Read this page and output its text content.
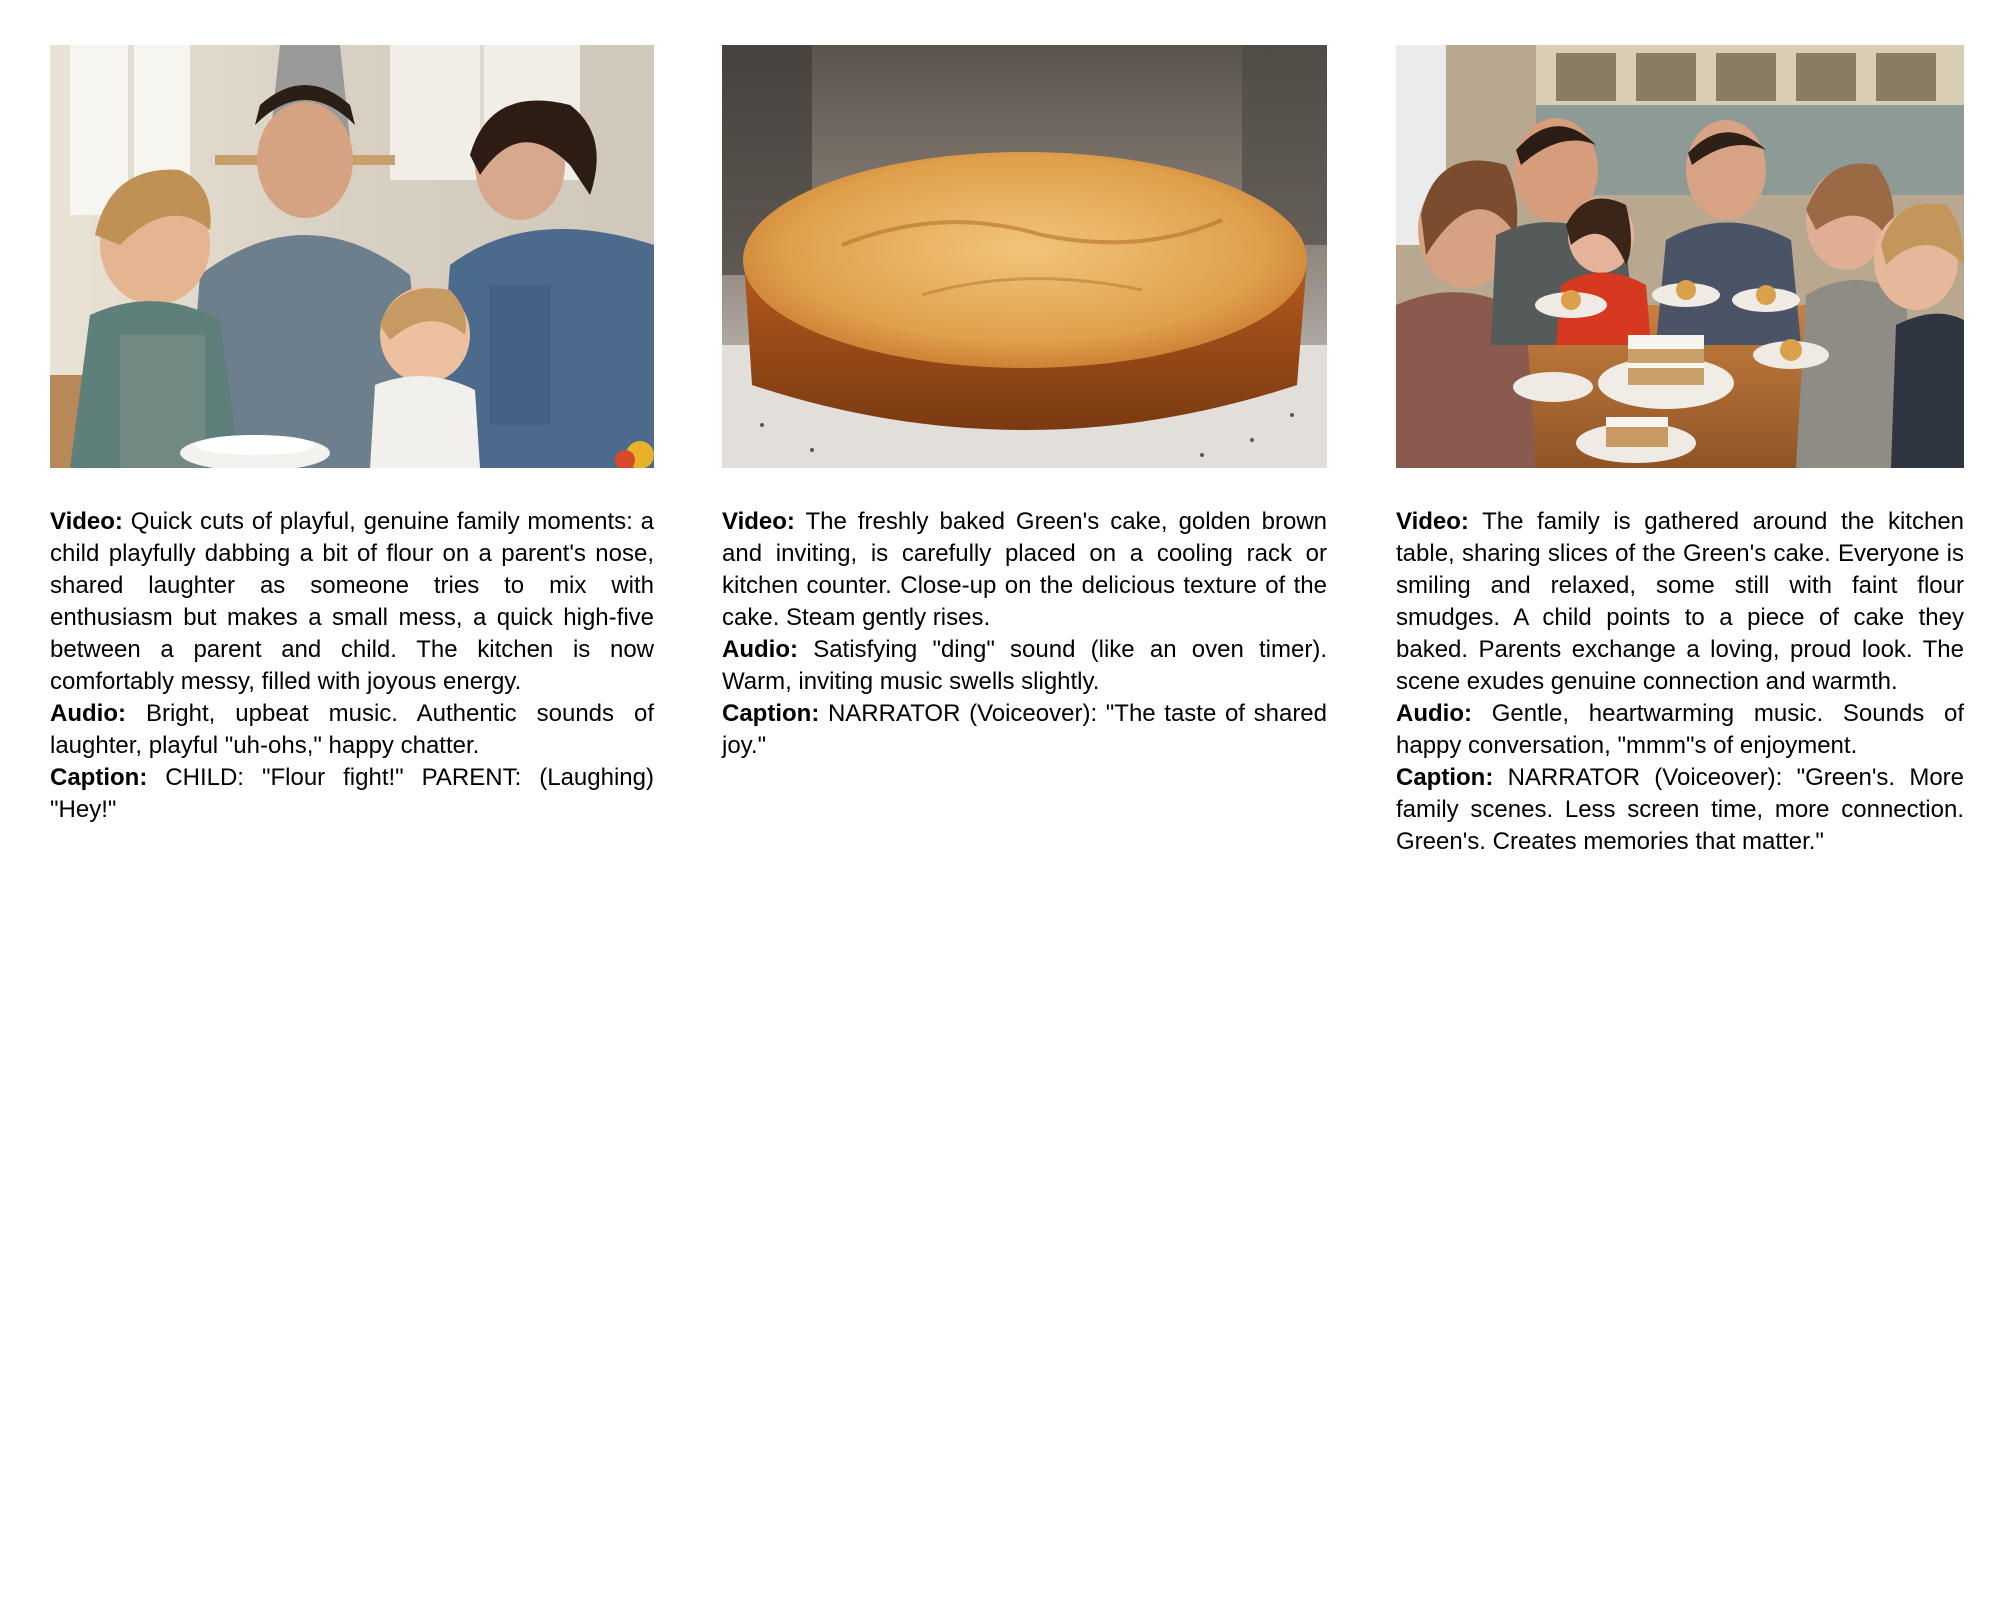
Video: Quick cuts of playful, genuine family moments: a child playfully dabbing a bit of flour on a parent's nose, shared laughter as someone tries to mix with enthusiasm but makes a small mess, a quick high-five between a parent and child. The kitchen is now comfortably messy, filled with joyous energy.

Audio: Bright, upbeat music. Authentic sounds of laughter, playful "uh-ohs," happy chatter.

Caption: CHILD: "Flour fight!" PARENT: (Laughing) "Hey!"

Video: The freshly baked Green's cake, golden brown and inviting, is carefully placed on a cooling rack or kitchen counter. Close-up on the delicious texture of the cake. Steam gently rises.

Audio: Satisfying "ding" sound (like an oven timer). Warm, inviting music swells slightly.

Caption: NARRATOR (Voiceover): "The taste of shared joy."

Video: The family is gathered around the kitchen table, sharing slices of the Green's cake. Everyone is smiling and relaxed, some still with faint flour smudges. A child points to a piece of cake they baked. Parents exchange a loving, proud look. The scene exudes genuine connection and warmth.

Audio: Gentle, heartwarming music. Sounds of happy conversation, "mmm"s of enjoyment.

Caption: NARRATOR (Voiceover): "Green's. More family scenes. Less screen time, more connection. Green's. Creates memories that matter."
